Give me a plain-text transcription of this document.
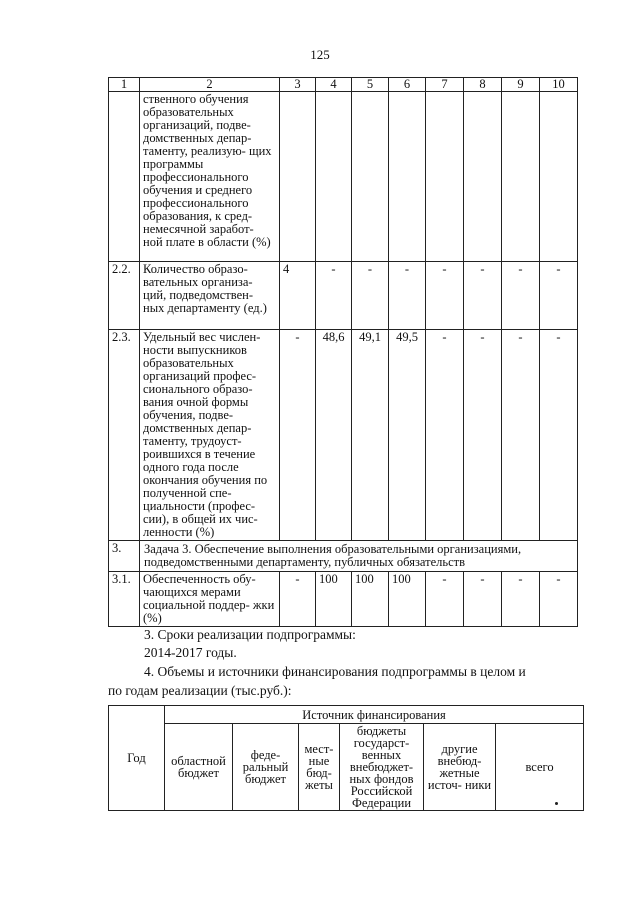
125
1	2	3	4	5	6	7	8	9	10
	ственного обучения образовательных организаций, подве- домственных депар- таменту, реализую- щих программы профессионального обучения и среднего профессионального образования, к сред- немесячной заработ- ной плате в области (%)								
2.2.	Количество образо- вательных организа- ций, подведомствен- ных департаменту (ед.)	4	-	-	-	-	-	-	-
2.3.	Удельный вес числен- ности выпускников образовательных организаций профес- сионального образо- вания очной формы обучения, подве- домственных депар- таменту, трудоуст- роившихся в течение одного года после окончания обучения по полученной спе- циальности (профес- сии), в общей их чис- ленности (%)	-	48,6	49,1	49,5	-	-	-	-
3.	Задача 3. Обеспечение выполнения образовательными организациями, подведомственными департаменту, публичных обязательств								
3.1.	Обеспеченность обу- чающихся мерами социальной поддер- жки (%)	-	100	100	100	-	-	-	-
3. Сроки реализации подпрограммы:
2014-2017 годы.
4. Объемы и источники финансирования подпрограммы в целом и
по годам реализации (тыс.руб.):
Год	Источник финансирования					
	областной бюджет	феде- ральный бюджет	мест- ные бюд- жеты	бюджеты государст- венных внебюджет- ных фондов Российской Федерации	другие внебюд- жетные источ- ники	всего
